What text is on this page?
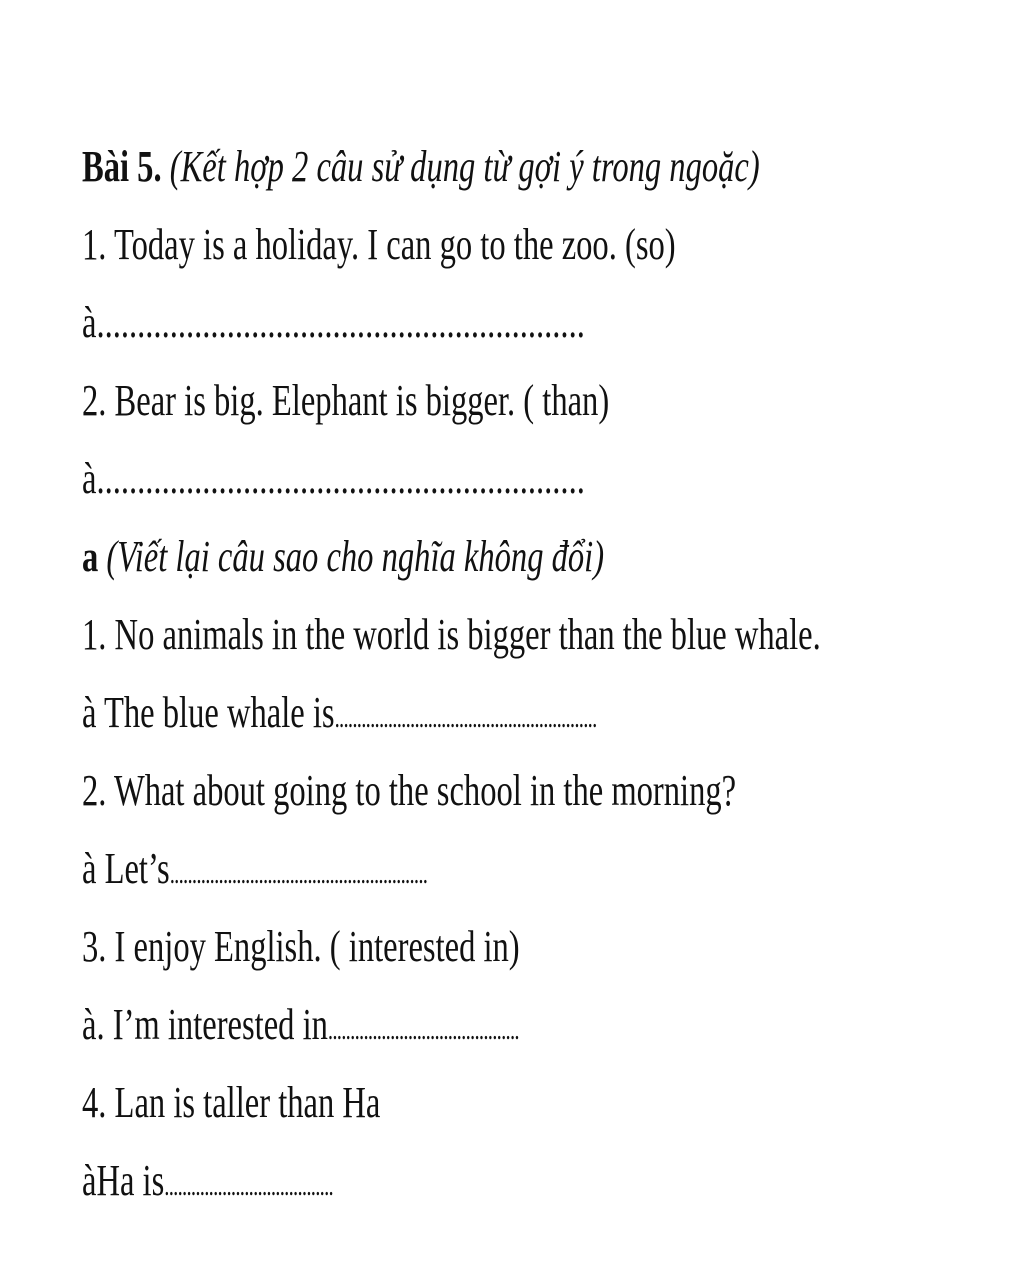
Bài 5. (Kết hợp 2 câu sử dụng từ gợi ý trong ngoặc)
1. Today is a holiday. I can go to the zoo. (so)
à............................................................
2. Bear is big. Elephant is bigger. ( than)
à............................................................
a (Viết lại câu sao cho nghĩa không đổi)
1. No animals in the world is bigger than the blue whale.
à The blue whale is...........................................................
2. What about going to the school in the morning?
à Let’s..........................................................
3. I enjoy English. ( interested in)
à. I’m interested in...........................................
4. Lan is taller than Ha
àHa is......................................
